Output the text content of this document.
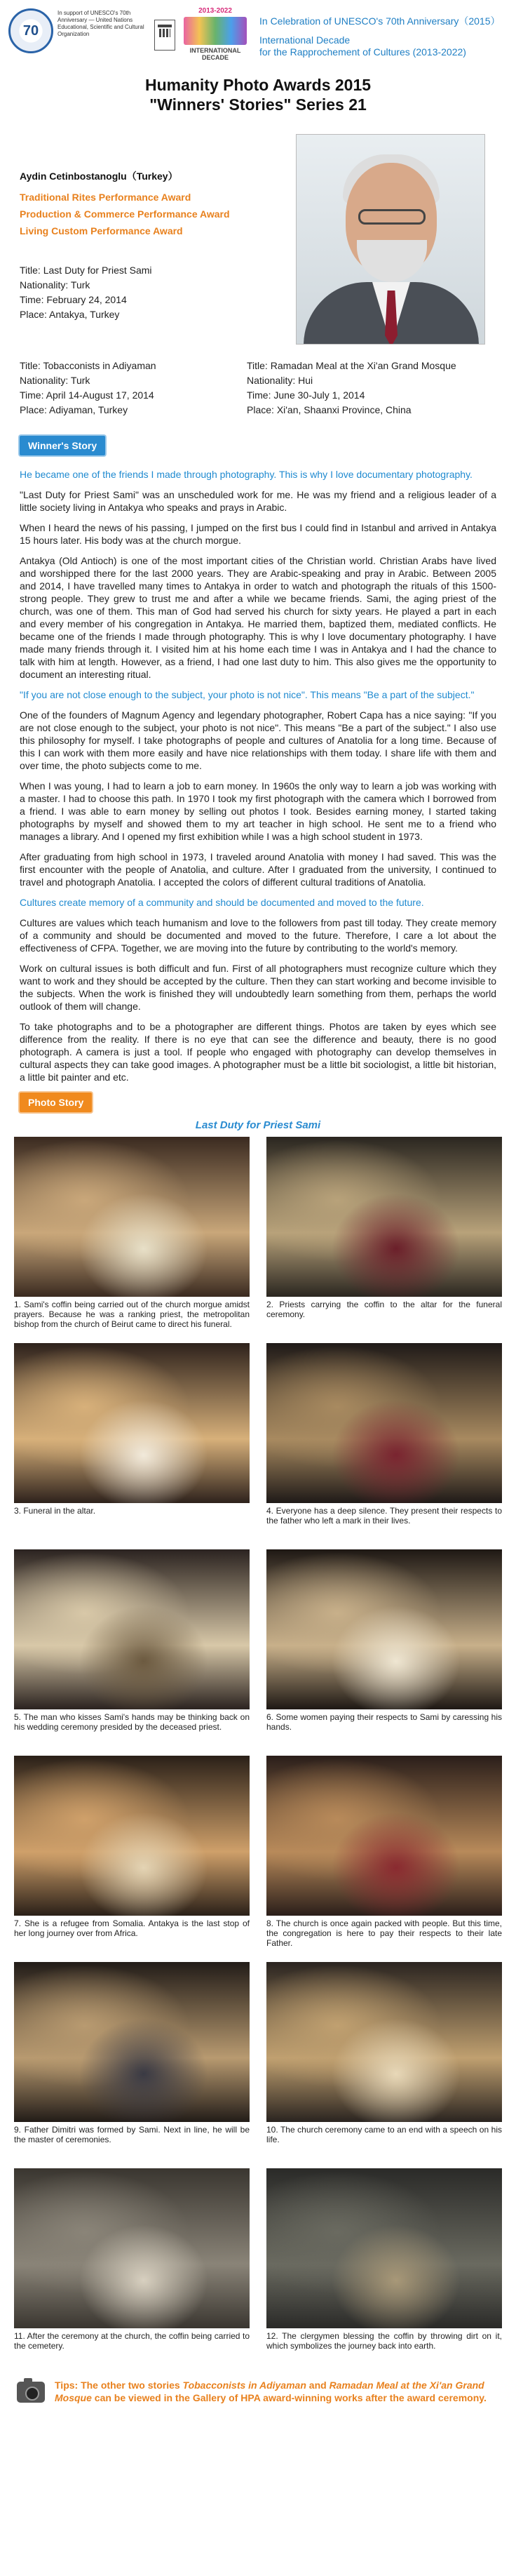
70
In support of UNESCO's 70th Anniversary — United Nations Educational, Scientific and Cultural Organization
2013-2022
INTERNATIONAL DECADE

In Celebration of UNESCO's 70th Anniversary（2015）

International Decade
for the Rapprochement of Cultures (2013-2022)
Humanity Photo Awards 2015
"Winners' Stories" Series 21
Aydin Cetinbostanoglu（Turkey）
Traditional Rites Performance Award
Production & Commerce Performance Award
Living Custom Performance Award
Title: Last Duty for Priest Sami
Nationality: Turk
Time: February 24, 2014
Place: Antakya, Turkey
Title: Tobacconists in Adiyaman
Nationality: Turk
Time: April 14-August 17, 2014
Place: Adiyaman, Turkey
Title: Ramadan Meal at the Xi'an Grand Mosque
Nationality: Hui
Time: June 30-July 1, 2014
Place: Xi'an, Shaanxi Province, China
Winner's Story

He became one of the friends I made through photography. This is why I love documentary photography.

"Last Duty for Priest Sami" was an unscheduled work for me. He was my friend and a religious leader of a little society living in Antakya who speaks and prays in Arabic.

When I heard the news of his passing, I jumped on the first bus I could find in Istanbul and arrived in Antakya 15 hours later. His body was at the church morgue.

Antakya (Old Antioch) is one of the most important cities of the Christian world. Christian Arabs have lived and worshipped there for the last 2000 years. They are Arabic-speaking and pray in Arabic. Between 2005 and 2014, I have travelled many times to Antakya in order to watch and photograph the rituals of this 1500-strong people. They grew to trust me and after a while we became friends. Sami, the aging priest of the church, was one of them. This man of God had served his church for sixty years. He played a part in each and every member of his congregation in Antakya. He married them, baptized them, mediated conflicts. He became one of the friends I made through photography. This is why I love documentary photography. I have made many friends through it. I visited him at his home each time I was in Antakya and I had the chance to talk with him at length. However, as a friend, I had one last duty to him. This also gives me the opportunity to document an interesting ritual.

"If you are not close enough to the subject, your photo is not nice". This means "Be a part of the subject."

One of the founders of Magnum Agency and legendary photographer, Robert Capa has a nice saying: "If you are not close enough to the subject, your photo is not nice". This means "Be a part of the subject." I also use this philosophy for myself. I take photographs of people and cultures of Anatolia for a long time. Because of this I can work with them more easily and have nice relationships with them today. I share life with them and over time, the photo subjects come to me.

When I was young, I had to learn a job to earn money. In 1960s the only way to learn a job was working with a master. I had to choose this path. In 1970 I took my first photograph with the camera which I borrowed from a friend. I was able to earn money by selling out photos I took. Besides earning money, I started taking photographs by myself and showed them to my art teacher in high school. He sent me to a friend who manages a library. And I opened my first exhibition while I was a high school student in 1973.

After graduating from high school in 1973, I traveled around Anatolia with money I had saved. This was the first encounter with the people of Anatolia, and culture. After I graduated from the university, I continued to travel and photograph Anatolia. I accepted the colors of different cultural traditions of Anatolia.

Cultures create memory of a community and should be documented and moved to the future.

Cultures are values which teach humanism and love to the followers from past till today. They create memory of a community and should be documented and moved to the future. Therefore, I care a lot about the effectiveness of CFPA. Together, we are moving into the future by contributing to the world's memory.

Work on cultural issues is both difficult and fun. First of all photographers must recognize culture which they want to work and they should be accepted by the culture. Then they can start working and become invisible to the subjects. When the work is finished they will undoubtedly learn something from them, perhaps the world outlook of them will change.

To take photographs and to be a photographer are different things. Photos are taken by eyes which see difference from the reality. If there is no eye that can see the difference and beauty, there is no good photograph. A camera is just a tool. If people who engaged with photography can develop themselves in cultural aspects they can take good images. A photographer must be a little bit sociologist, a little bit historian, a little bit painter and etc.

Photo Story
Last Duty for Priest Sami
1. Sami's coffin being carried out of the church morgue amidst prayers. Because he was a ranking priest, the metropolitan bishop from the church of Beirut came to direct his funeral.
2. Priests carrying the coffin to the altar for the funeral ceremony.
3. Funeral in the altar.	4. Everyone has a deep silence. They present their respects to the father who left a mark in their lives.
5. The man who kisses Sami's hands may be thinking back on his wedding ceremony presided by the deceased priest.
6. Some women paying their respects to Sami by caressing his hands.
7. She is a refugee from Somalia. Antakya is the last stop of her long journey over from Africa.
8. The church is once again packed with people. But this time, the congregation is here to pay their respects to their late Father.
9. Father Dimitri was formed by Sami. Next in line, he will be the master of ceremonies.
10. The church ceremony came to an end with a speech on his life.
11. After the ceremony at the church, the coffin being carried to the cemetery.
12. The clergymen blessing the coffin by throwing dirt on it, which symbolizes the journey back into earth.

Tips: The other two stories Tobacconists in Adiyaman and Ramadan Meal at the Xi'an Grand Mosque can be viewed in the Gallery of HPA award-winning works after the award ceremony.
